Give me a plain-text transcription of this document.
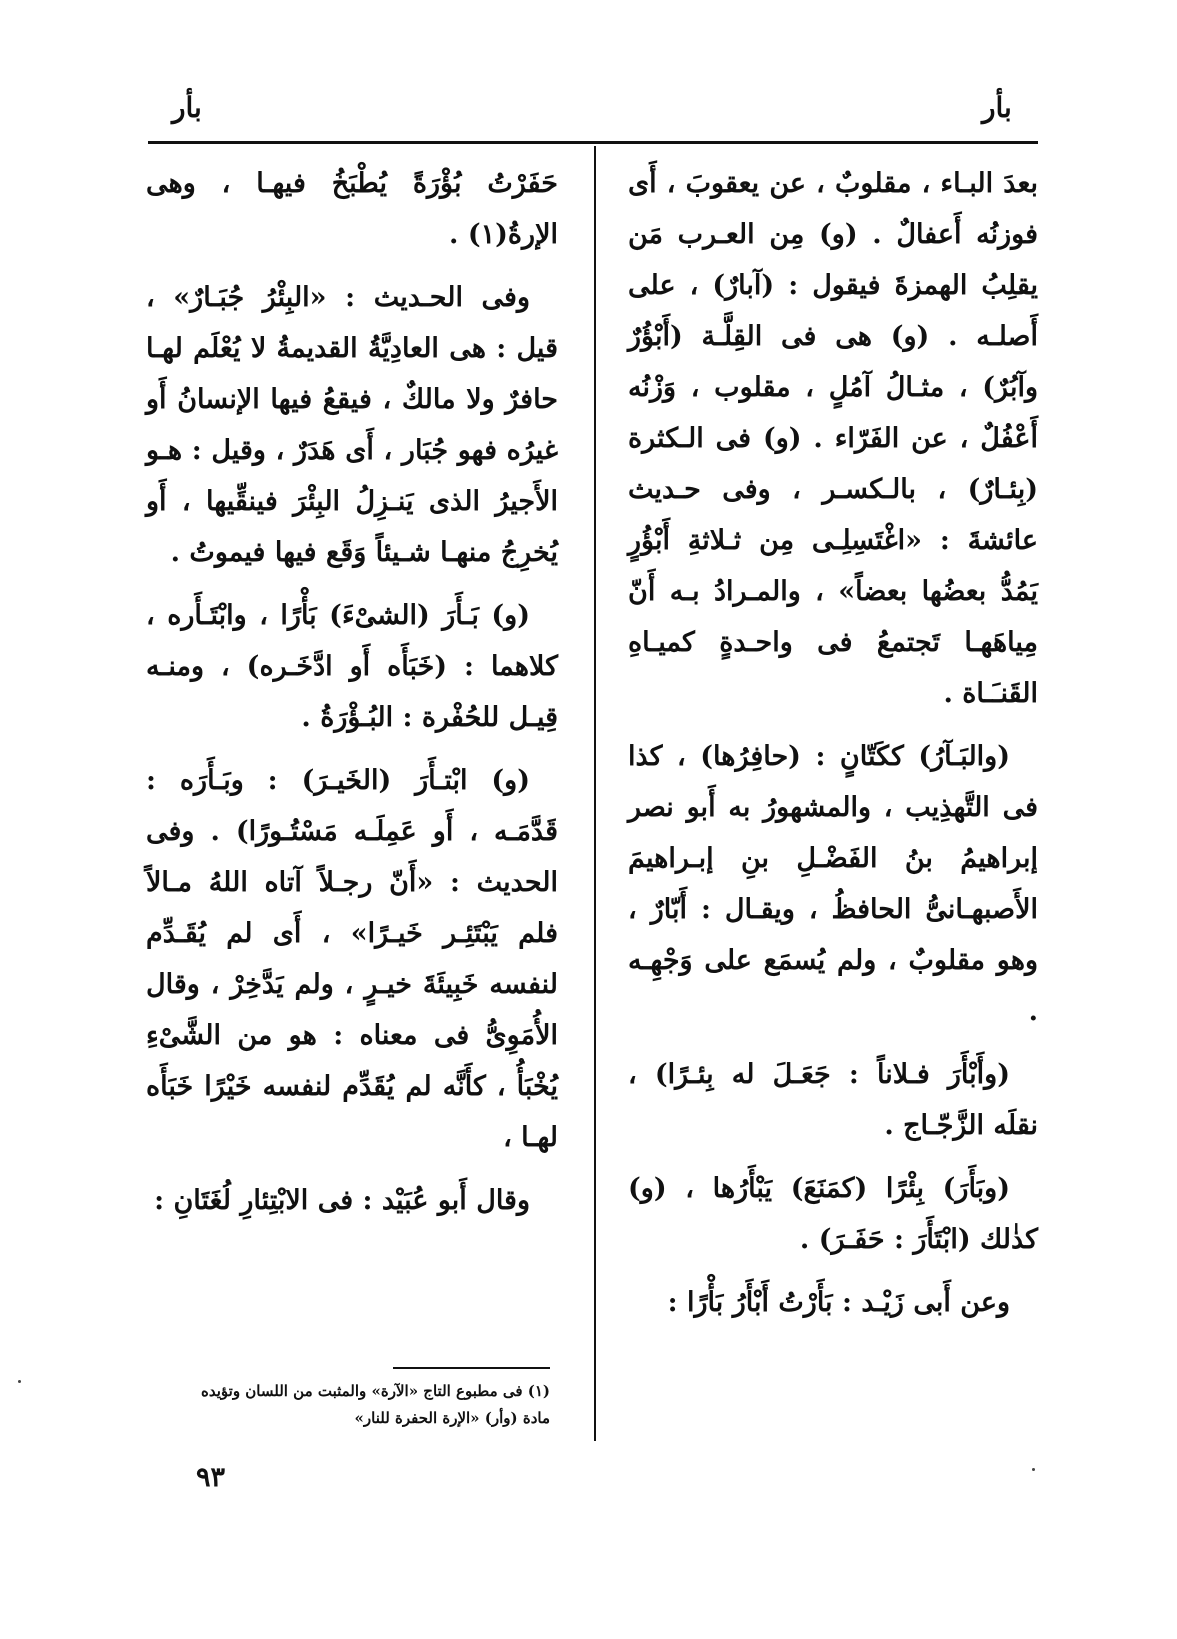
بأر	بأر

بعدَ البـاء ، مقلوبٌ ، عن يعقوبَ ، أَى فوزنُه أَعفالٌ . (و) مِن العـرب مَن يقلِبُ الهمزةَ فيقول : (آبارٌ) ، على أَصلـه . (و) هى فى القِلَّـة (أَبْؤُرٌ وآبُرٌ) ، مثـالُ آمُلٍ ، مقلوب ، وَزْنُه أَعْفُلٌ ، عن الفَرّاء . (و) فى الـكثرة (بِئـارٌ) ، بالـكسـر ، وفى حـديث عائشةَ : «اغْتَسِلِـى مِن ثـلاثةِ أَبْؤُرٍ يَمُدُّ بعضُها بعضاً» ، والمـرادُ بـه أَنّ مِياهَهـا تَجتمعُ فى واحـدةٍ كميـاهِ القَنـَـاة .

(والبَـآرُ) ككَتّانٍ : (حافِرُها) ، كذا فى التَّهذِيب ، والمشهورُ به أَبو نصر إبراهيمُ بنُ الفَضْـلِ بنِ إبـراهيمَ الأَصبهـانىُّ الحافظُ ، ويقـال : أَبّارٌ ، وهو مقلوبٌ ، ولم يُسمَع على وَجْهِـه .

(وأَبْأَرَ فـلاناً : جَعَـلَ له بِئـرًا) ، نقلَه الزَّجّـاج .

(وبَأَرَ) بِئْرًا (كمَنَعَ) يَبْأَرُها ، (و) كذٰلك (ابْتَأَرَ : حَفَـرَ) .

وعن أَبى زَيْـد : بَأَرْتُ أَبْأَرُ بَأْرًا :

حَفَرْتُ بُؤْرَةً يُطْبَخُ فيهـا ، وهى الإرةُ(١) .

وفى الحـديث : «البِئْرُ جُبَـارٌ» ، قيل : هى العادِيَّةُ القديمةُ لا يُعْلَم لهـا حافرٌ ولا مالكٌ ، فيقعُ فيها الإنسانُ أَو غيرُه فهو جُبَار ، أَى هَدَرٌ ، وقيل : هـو الأَجيرُ الذى يَنـزِلُ البِئْرَ فينقِّيها ، أَو يُخرِجُ منهـا شـيئاً وَقَع فيها فيموتُ .

(و) بَـأَرَ (الشىْءَ) بَأْرًا ، وابْتَـأَره ، كلاهما : (خَبَأَه أَو ادَّخَـره) ، ومنـه قِيـل للحُفْرة : البُـؤْرَةُ .

(و) ابْتـأَرَ (الخَيـرَ) : وبَـأَرَه : قَدَّمَـه ، أَو عَمِلَـه مَسْتُـورًا) . وفى الحديث : «أَنّ رجـلاً آتاه اللهُ مـالاً فلم يَبْتَئِـر خَيـرًا» ، أَى لم يُقَـدِّم لنفسه خَبِيئَةَ خيـرٍ ، ولم يَدَّخِرْ ، وقال الأُمَوِىُّ فى معناه : هو من الشَّىْءِ يُخْبَأُ ، كأَنَّه لم يُقَدِّم لنفسه خَيْرًا خَبَأَه لهـا ،

وقال أَبو عُبَيْد : فى الابْتِئارِ لُغَتَانِ :

(١) فى مطبوع التاج «الآرة» والمثبت من اللسان وتؤيده
مادة (وأر) «الإرة الحفرة للنار»
٩٣
